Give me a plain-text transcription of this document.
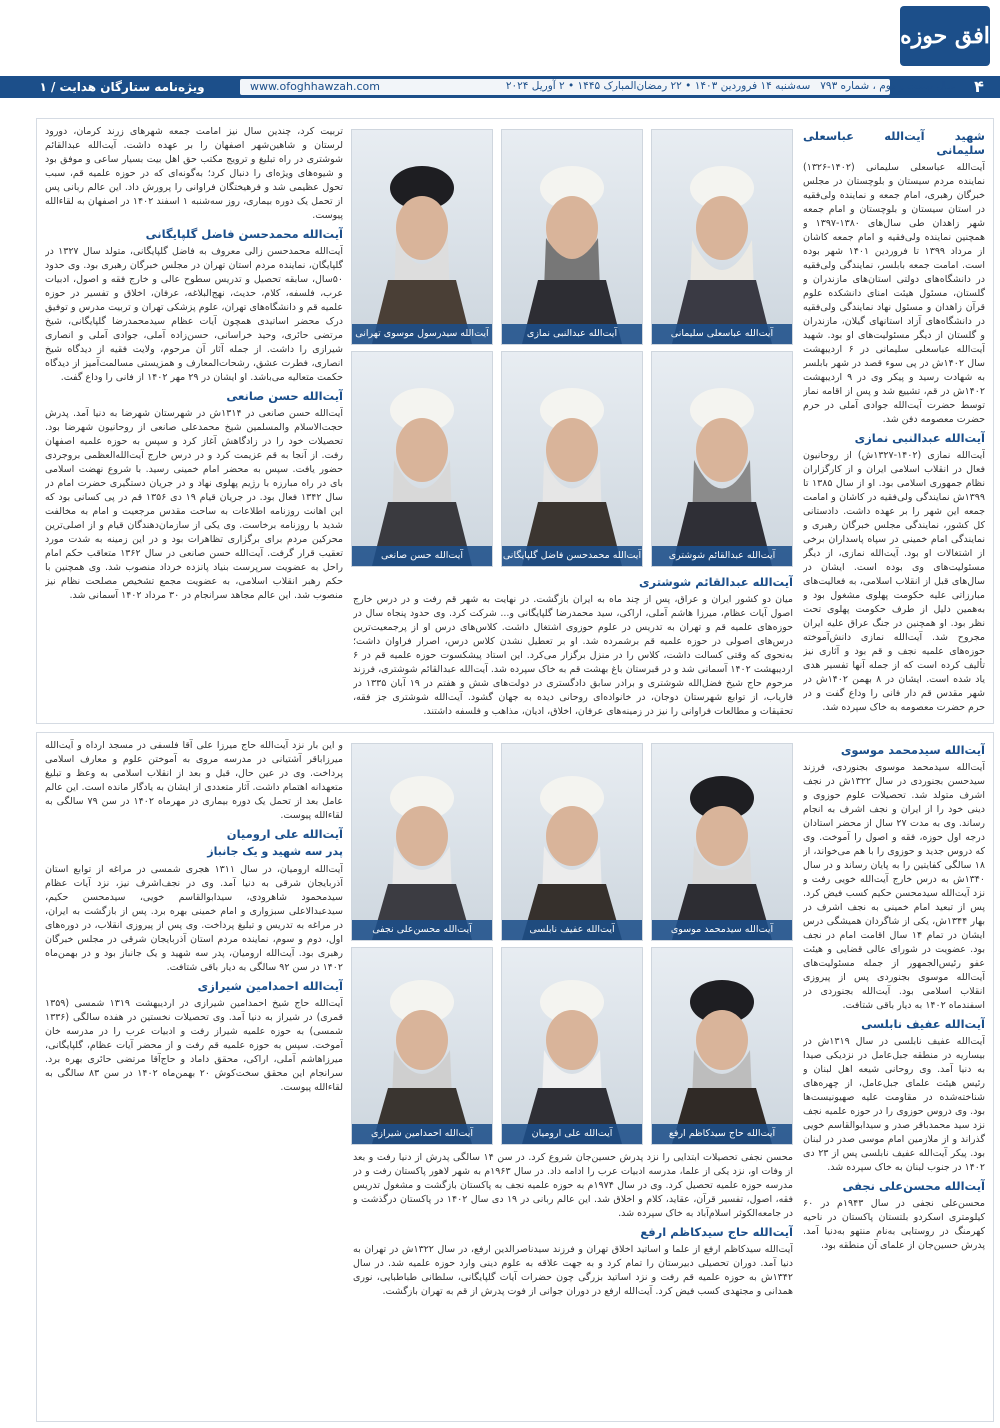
افق حوزه
۴
سال بیست و دوم ، شماره ۷۹۳
سه‌شنبه ۱۴ فروردین ۱۴۰۳ • ۲۲ رمضان‌المبارک ۱۴۴۵ • ۲ آوریل ۲۰۲۴
www.ofoghhawzah.com
ویژه‌نامه ستارگان هدایت / ۱
شهید آیت‌الله عباسعلی سلیمانی
آیت‌الله عباسعلی سلیمانی (۱۴۰۲-۱۳۲۶) نماینده مردم سیستان و بلوچستان در مجلس خبرگان رهبری، امام جمعه و نماینده ولی‌فقیه در استان سیستان و بلوچستان و امام جمعه شهر زاهدان طی سال‌های ۱۳۸۰-۱۳۹۷ و همچنین نماینده ولی‌فقیه و امام جمعه کاشان از مرداد ۱۳۹۹ تا فروردین ۱۴۰۱ شهر بوده است. امامت جمعه بابلسر، نمایندگی ولی‌فقیه در دانشگاه‌های دولتی استان‌های مازندران و گلستان، مسئول هیئت امنای دانشکده علوم قرآن زاهدان و مسئول نهاد نمایندگی ولی‌فقیه در دانشگاه‌های آزاد استانهای گیلان، مازندران و گلستان از دیگر مسئولیت‌های او بود. شهید آیت‌الله عباسعلی سلیمانی در ۶ اردیبهشت سال ۱۴۰۲ش در پی سوء قصد در شهر بابلسر به شهادت رسید و پیکر وی در ۹ اردیبهشت ۱۴۰۲ش در قم، تشییع شد و پس از اقامه نماز توسط حضرت آیت‌الله جوادی آملی در حرم حضرت معصومه دفن شد.
آیت‌الله عبدالنبی نمازی
آیت‌الله نمازی (۱۴۰۲-۱۳۲۷ش) از روحانیون فعال در انقلاب اسلامی ایران و از کارگزاران نظام جمهوری اسلامی بود. او از سال ۱۳۸۵ تا ۱۳۹۹ش نمایندگی ولی‌فقیه در کاشان و امامت جمعه این شهر را بر عهده داشت. دادستانی کل کشور، نمایندگی مجلس خبرگان رهبری و نمایندگی امام خمینی در سپاه پاسداران برخی از اشتغالات او بود. آیت‌الله نمازی، از دیگر مسئولیت‌های وی بوده است. ایشان در سال‌های قبل از انقلاب اسلامی، به فعالیت‌های مبارزاتی علیه حکومت پهلوی مشغول بود و به‌همین دلیل از طرف حکومت پهلوی تحت نظر بود. او همچنین در جنگ عراق علیه ایران مجروح شد. آیت‌الله نمازی دانش‌آموخته حوزه‌های علمیه نجف و قم بود و آثاری نیز تألیف کرده است که از جمله آنها تفسیر هدی یاد شده است. ایشان در ۸ بهمن ۱۴۰۲ش در شهر مقدس قم دار فانی را وداع گفت و در حرم حضرت معصومه به خاک سپرده شد.
آیت‌الله عباسعلی سلیمانی
آیت‌الله عبدالنبی نمازی
آیت‌الله سیدرسول موسوی تهرانی
آیت‌الله عبدالقائم شوشتری
آیت‌الله محمدحسن فاضل گلپایگانی
آیت‌الله حسن صانعی
آیت‌الله عبدالقائم شوشتری
میان دو کشور ایران و عراق، پس از چند ماه به ایران بازگشت. در نهایت به شهر قم رفت و در درس خارج اصول آیات عظام، میرزا هاشم آملی، اراکی، سید محمدرضا گلپایگانی و... شرکت کرد. وی حدود پنجاه سال در حوزه‌های علمیه قم و تهران به تدریس در علوم حوزوی اشتغال داشت. کلاس‌های درس او از پرجمعیت‌ترین درس‌های اصولی در حوزه علمیه قم برشمرده شد. او بر تعطیل نشدن کلاس درس، اصرار فراوان داشت؛ به‌نحوی که وقتی کسالت داشت، کلاس را در منزل برگزار می‌کرد. این استاد پیشکسوت حوزه علمیه قم در ۶ اردیبهشت ۱۴۰۲ آسمانی شد و در قبرستان باغ بهشت قم به خاک سپرده شد. آیت‌الله عبدالقائم شوشتری، فرزند مرحوم حاج شیخ فضل‌الله شوشتری و برادر سابق دادگستری در دولت‌های شش و هفتم در ۱۹ آبان ۱۳۳۵ در فاریاب، از توابع شهرستان دوجان، در خانواده‌ای روحانی دیده به جهان گشود. آیت‌الله شوشتری جز فقه، تحقیقات و مطالعات فراوانی را نیز در زمینه‌های عرفان، اخلاق، ادیان، مذاهب و فلسفه داشتند.
تربیت کرد، چندین سال نیز امامت جمعه شهرهای زرند کرمان، دورود لرستان و شاهین‌شهر اصفهان را بر عهده داشت. آیت‌الله عبدالقائم شوشتری در راه تبلیغ و ترویج مکتب حق اهل بیت بسیار ساعی و موفق بود و شیوه‌های ویژه‌ای را دنبال کرد؛ به‌گونه‌ای که در حوزه علمیه قم، سبب تحول عظیمی شد و فرهیختگان فراوانی را پرورش داد. این عالم ربانی پس از تحمل یک دوره بیماری، روز سه‌شنبه ۱ اسفند ۱۴۰۲ در اصفهان به لقاءالله پیوست.
آیت‌الله محمدحسن فاضل گلپایگانی
آیت‌الله محمدحسن زالی معروف به فاضل گلپایگانی، متولد سال ۱۳۲۷ در گلپایگان، نماینده مردم استان تهران در مجلس خبرگان رهبری بود. وی حدود ۵۰سال، سابقه تحصیل و تدریس سطوح عالی و خارج فقه و اصول، ادبیات عرب، فلسفه، کلام، حدیث، نهج‌البلاغه، عرفان، اخلاق و تفسیر در حوزه علمیه قم و دانشگاه‌های تهران، علوم پزشکی تهران و تربیت مدرس و توفیق درک محضر اساتیدی همچون آیات عظام سیدمحمدرضا گلپایگانی، شیخ مرتضی حائری، وحید خراسانی، حسن‌زاده آملی، جوادی آملی و انصاری شیرازی را داشت. از جمله آثار آن مرحوم، ولایت فقیه از دیدگاه شیخ انصاری، فطرت عشق، رشحات‌المعارف و همزیستی مسالمت‌آمیز از دیدگاه حکمت متعالیه می‌باشد. او ایشان در ۲۹ مهر ۱۴۰۲ از فانی را وداع گفت.
آیت‌الله حسن صانعی
آیت‌الله حسن صانعی در ۱۳۱۴ش در شهرستان شهرضا به دنیا آمد. پدرش حجت‌الاسلام والمسلمین شیخ محمدعلی صانعی از روحانیون شهرضا بود. تحصیلات خود را در زادگاهش آغاز کرد و سپس به حوزه علمیه اصفهان رفت. از آنجا به قم عزیمت کرد و در درس خارج آیت‌الله‌العظمی بروجردی حضور یافت. سپس به محضر امام خمینی رسید. با شروع نهضت اسلامی بای در راه مبارزه با رژیم پهلوی نهاد و در جریان دستگیری حضرت امام در سال ۱۳۴۲ فعال بود. در جریان قیام ۱۹ دی ۱۳۵۶ قم در پی کسانی بود که این اهانت روزنامه اطلاعات به ساحت مقدس مرجعیت و امام به مخالفت شدید با روزنامه برخاست. وی یکی از سازمان‌دهندگان قیام و از اصلی‌ترین محرکین مردم برای برگزاری تظاهرات بود و در این زمینه به شدت مورد تعقیب قرار گرفت. آیت‌الله حسن صانعی در سال ۱۳۶۲ متعاقب حکم امام راحل به عضویت سرپرست بنیاد پانزده خرداد منصوب شد. وی همچنین با حکم رهبر انقلاب اسلامی، به عضویت مجمع تشخیص مصلحت نظام نیز منصوب شد. این عالم مجاهد سرانجام در ۳۰ مرداد ۱۴۰۲ آسمانی شد.
آیت‌الله سیدمحمد موسوی
آیت‌الله سیدمحمد موسوی بجنوردی، فرزند سیدحسن بجنوردی در سال ۱۳۲۲ش در نجف اشرف متولد شد. تحصیلات علوم حوزوی و دینی خود را از ایران و نجف اشرف به انجام رساند. وی به مدت ۲۷ سال از محضر استادان درجه اول حوزه، فقه و اصول را آموخت. وی که دروس جدید و حوزوی را با هم می‌خواند، از ۱۸ سالگی کفایتین را به پایان رساند و در سال ۱۳۴۰ش به درس خارج آیت‌الله خویی رفت و نزد آیت‌الله سیدمحسن حکیم کسب فیض کرد. پس از تبعید امام خمینی به نجف اشرف در بهار ۱۳۴۴ش، یکی از شاگردان همیشگی درس ایشان در تمام ۱۴ سال اقامت امام در نجف بود. عضویت در شورای عالی قضایی و هیئت عفو رئیس‌الجمهور از جمله مسئولیت‌های آیت‌الله موسوی بجنوردی پس از پیروزی انقلاب اسلامی بود. آیت‌الله بجنوردی در اسفندماه ۱۴۰۲ به دیار باقی شتافت.
آیت‌الله عفیف نابلسی
آیت‌الله عفیف نابلسی در سال ۱۳۱۹ش در بیساریه در منطقه جبل‌عامل در نزدیکی صیدا به دنیا آمد. وی روحانی شیعه اهل لبنان و رئیس هیئت علمای جبل‌عامل، از چهره‌های شناخته‌شده در مقاومت علیه صهیونیست‌ها بود. وی دروس حوزوی را در حوزه علمیه نجف نزد سید محمدباقر صدر و سیدابوالقاسم خویی گذراند و از ملازمین امام موسی صدر در لبنان بود. پیکر آیت‌الله عفیف نابلسی پس از ۲۳ دی ۱۴۰۲ در جنوب لبنان به خاک سپرده شد.
آیت‌الله محسن‌علی نجفی
محسن‌علی نجفی در سال ۱۹۴۳م در ۶۰ کیلومتری اسکردو بلتستان پاکستان در ناحیه کهرمنگ در روستایی به‌نام منتهو به‌دنیا آمد. پدرش حسین‌جان از علمای آن منطقه بود.
آیت‌الله سیدمحمد موسوی
آیت‌الله عفیف نابلسی
آیت‌الله محسن‌علی نجفی
آیت‌الله حاج سیدکاظم ارفع
آیت‌الله علی ارومیان
آیت‌الله احمدامین شیرازی
محسن نجفی تحصیلات ابتدایی را نزد پدرش حسین‌جان شروع کرد. در سن ۱۴ سالگی پدرش از دنیا رفت و بعد از وفات او، نزد یکی از علما، مدرسه ادبیات عرب را ادامه داد. در سال ۱۹۶۳م به شهر لاهور پاکستان رفت و در مدرسه حوزه علمیه تحصیل کرد. وی در سال ۱۹۷۴م به حوزه علمیه نجف به پاکستان بازگشت و مشغول تدریس فقه، اصول، تفسیر قرآن، عقاید، کلام و اخلاق شد. این عالم ربانی در ۱۹ دی سال ۱۴۰۲ در پاکستان درگذشت و در جامعه‌الکوثر اسلام‌آباد به خاک سپرده شد.
آیت‌الله حاج سیدکاظم ارفع
آیت‌الله سیدکاظم ارفع از علما و اساتید اخلاق تهران و فرزند سیدناصرالدین ارفع، در سال ۱۳۲۲ش در تهران به دنیا آمد. دوران تحصیلی دبیرستان را تمام کرد و به جهت علاقه به علوم دینی وارد حوزه علمیه شد. در سال ۱۳۴۲ش به حوزه علمیه قم رفت و نزد اساتید بزرگی چون حضرات آیات گلپایگانی، سلطانی طباطبایی، نوری همدانی و مجتهدی کسب فیض کرد. آیت‌الله ارفع در دوران جوانی از فوت پدرش از قم به تهران بازگشت.
و این بار نزد آیت‌الله حاج میرزا علی آقا فلسفی در مسجد ارداه و آیت‌الله میرزاباقر آشتیانی در مدرسه مروی به آموختن علوم و معارف اسلامی پرداخت. وی در عین حال، قبل و بعد از انقلاب اسلامی به وعظ و تبلیغ متعهدانه اهتمام داشت. آثار متعددی از ایشان به یادگار مانده است. این عالم عامل بعد از تحمل یک دوره بیماری در مهرماه ۱۴۰۲ در سن ۷۹ سالگی به لقاءالله پیوست.
آیت‌الله علی ارومیان
پدر سه شهید و یک جانباز
آیت‌الله ارومیان، در سال ۱۳۱۱ هجری شمسی در مراغه از توابع استان آذربایجان شرقی به دنیا آمد. وی در نجف‌اشرف نیز، نزد آیات عظام سیدمحمود شاهرودی، سیدابوالقاسم خویی، سیدمحسن حکیم، سیدعبدالاعلی سبزواری و امام خمینی بهره برد. پس از بازگشت به ایران، در مراغه به تدریس و تبلیغ پرداخت. وی پس از پیروزی انقلاب، در دوره‌های اول، دوم و سوم، نماینده مردم استان آذربایجان شرقی در مجلس خبرگان رهبری بود. آیت‌الله ارومیان، پدر سه شهید و یک جانباز بود و در بهمن‌ماه ۱۴۰۲ در سن ۹۲ سالگی به دیار باقی شتافت.
آیت‌الله احمدامین شیرازی
آیت‌الله حاج شیخ احمدامین شیرازی در اردیبهشت ۱۳۱۹ شمسی (۱۳۵۹ قمری) در شیراز به دنیا آمد. وی تحصیلات نخستین در هفده سالگی (۱۳۳۶ شمسی) به حوزه علمیه شیراز رفت و ادبیات عرب را در مدرسه خان آموخت. سپس به حوزه علمیه قم رفت و از محضر آیات عظام، گلپایگانی، میرزاهاشم آملی، اراکی، محقق داماد و حاج‌آقا مرتضی حائری بهره برد. سرانجام این محقق سخت‌کوش ۲۰ بهمن‌ماه ۱۴۰۲ در سن ۸۳ سالگی به لقاءالله پیوست.
